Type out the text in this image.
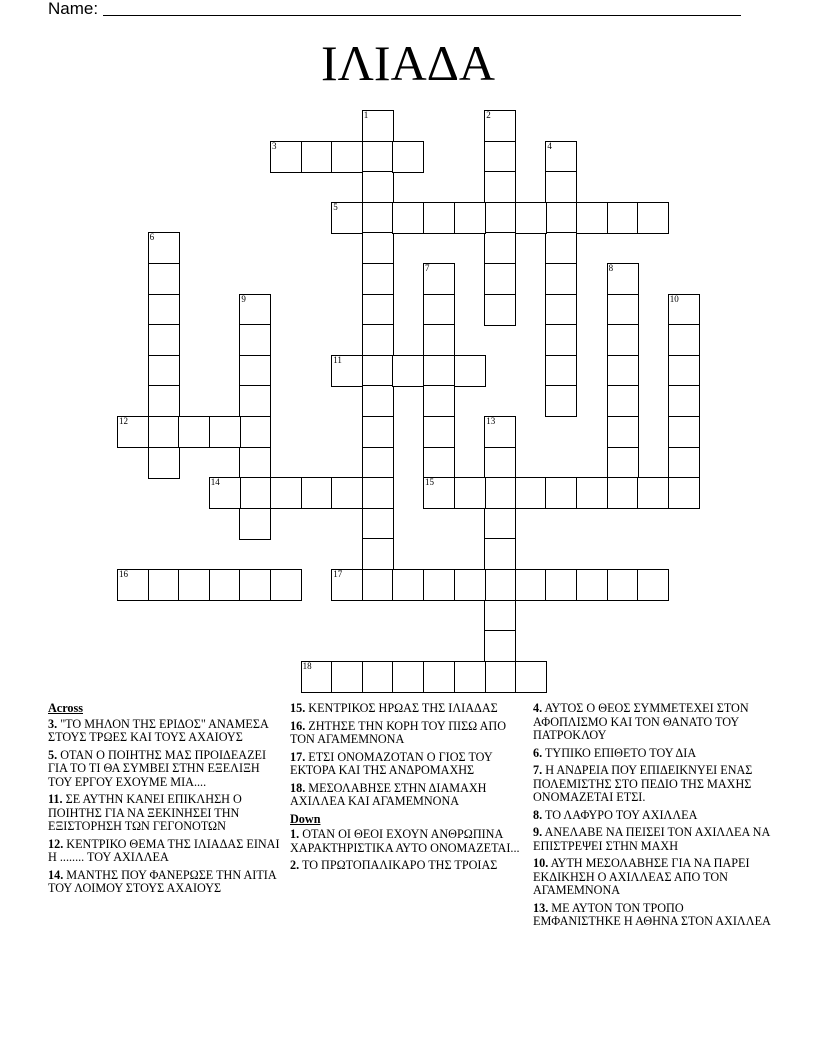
Name:
ΙΛΙΑΔΑ
1	2
3	4
5
6
7
15
8
9	10
11
12	13
14
16	17
18
Across
3. "ΤΟ ΜΗΛΟΝ ΤΗΣ ΕΡΙΔΟΣ" ΑΝΑΜΕΣΑ ΣΤΟΥΣ ΤΡΩΕΣ ΚΑΙ ΤΟΥΣ ΑΧΑΙΟΥΣ
5. ΟΤΑΝ Ο ΠΟΙΗΤΗΣ ΜΑΣ ΠΡΟΙΔΕΑΖΕΙ ΓΙΑ ΤΟ ΤΙ ΘΑ ΣΥΜΒΕΙ ΣΤΗΝ ΕΞΕΛΙΞΗ ΤΟΥ ΕΡΓΟΥ ΕΧΟΥΜΕ ΜΙΑ....
11. ΣΕ ΑΥΤΗΝ ΚΑΝΕΙ ΕΠΙΚΛΗΣΗ Ο ΠΟΙΗΤΗΣ ΓΙΑ ΝΑ ΞΕΚΙΝΗΣΕΙ ΤΗΝ ΕΞΙΣΤΟΡΗΣΗ ΤΩΝ ΓΕΓΟΝΟΤΩΝ
12. ΚΕΝΤΡΙΚΟ ΘΕΜΑ ΤΗΣ ΙΛΙΑΔΑΣ ΕΙΝΑΙ Η ........ ΤΟΥ ΑΧΙΛΛΕΑ
14. ΜΑΝΤΗΣ ΠΟΥ ΦΑΝΕΡΩΣΕ ΤΗΝ ΑΙΤΙΑ ΤΟΥ ΛΟΙΜΟΥ ΣΤΟΥΣ ΑΧΑΙΟΥΣ
15. ΚΕΝΤΡΙΚΟΣ ΗΡΩΑΣ ΤΗΣ ΙΛΙΑΔΑΣ
16. ΖΗΤΗΣΕ ΤΗΝ ΚΟΡΗ ΤΟΥ ΠΙΣΩ ΑΠΟ ΤΟΝ ΑΓΑΜΕΜΝΟΝΑ
17. ΕΤΣΙ ΟΝΟΜΑΖΟΤΑΝ Ο ΓΙΟΣ ΤΟΥ ΕΚΤΟΡΑ ΚΑΙ ΤΗΣ ΑΝΔΡΟΜΑΧΗΣ
18. ΜΕΣΟΛΑΒΗΣΕ ΣΤΗΝ ΔΙΑΜΑΧΗ ΑΧΙΛΛΕΑ ΚΑΙ ΑΓΑΜΕΜΝΟΝΑ
Down
1. ΟΤΑΝ ΟΙ ΘΕΟΙ ΕΧΟΥΝ ΑΝΘΡΩΠΙΝΑ ΧΑΡΑΚΤΗΡΙΣΤΙΚΑ ΑΥΤΟ ΟΝΟΜΑΖΕΤΑΙ...
2. ΤΟ ΠΡΩΤΟΠΑΛΙΚΑΡΟ ΤΗΣ ΤΡΟΙΑΣ
4. ΑΥΤΟΣ Ο ΘΕΟΣ ΣΥΜΜΕΤΕΧΕΙ ΣΤΟΝ ΑΦΟΠΛΙΣΜΟ ΚΑΙ ΤΟΝ ΘΑΝΑΤΟ ΤΟΥ ΠΑΤΡΟΚΛΟΥ
6. ΤΥΠΙΚΟ ΕΠΙΘΕΤΟ ΤΟΥ ΔΙΑ
7. Η ΑΝΔΡΕΙΑ ΠΟΥ ΕΠΙΔΕΙΚΝΥΕΙ ΕΝΑΣ ΠΟΛΕΜΙΣΤΗΣ ΣΤΟ ΠΕΔΙΟ ΤΗΣ ΜΑΧΗΣ ΟΝΟΜΑΖΕΤΑΙ ΕΤΣΙ.
8. ΤΟ ΛΑΦΥΡΟ ΤΟΥ ΑΧΙΛΛΕΑ
9. ΑΝΕΛΑΒΕ ΝΑ ΠΕΙΣΕΙ ΤΟΝ ΑΧΙΛΛΕΑ ΝΑ ΕΠΙΣΤΡΕΨΕΙ ΣΤΗΝ ΜΑΧΗ
10. ΑΥΤΗ ΜΕΣΟΛΑΒΗΣΕ ΓΙΑ ΝΑ ΠΑΡΕΙ ΕΚΔΙΚΗΣΗ Ο ΑΧΙΛΛΕΑΣ ΑΠΟ ΤΟΝ ΑΓΑΜΕΜΝΟΝΑ
13. ΜΕ ΑΥΤΟΝ ΤΟΝ ΤΡΟΠΟ ΕΜΦΑΝΙΣΤΗΚΕ Η ΑΘΗΝΑ ΣΤΟΝ ΑΧΙΛΛΕΑ
